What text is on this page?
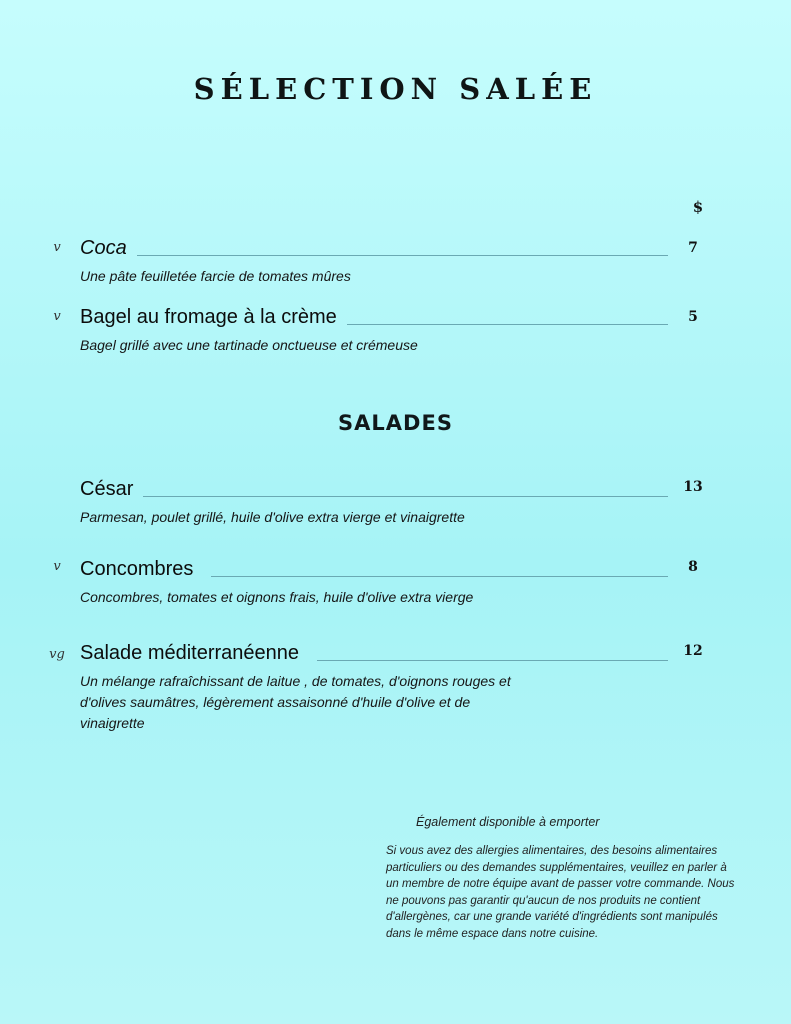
SÉLECTION SALÉE
$
v Coca	7
Une pâte feuilletée farcie de tomates mûres
v Bagel au fromage à la crème	5
Bagel grillé avec une tartinade onctueuse et crémeuse
SALADES
César	13
Parmesan, poulet grillé, huile d'olive extra vierge et vinaigrette
v Concombres	8
Concombres, tomates et oignons frais, huile d'olive extra vierge
vg Salade méditerranéenne	12
Un mélange rafraîchissant de laitue , de tomates, d'oignons rouges et d'olives saumâtres, légèrement assaisonné d'huile d'olive et de vinaigrette
Également disponible à emporter
Si vous avez des allergies alimentaires, des besoins alimentaires particuliers ou des demandes supplémentaires, veuillez en parler à un membre de notre équipe avant de passer votre commande. Nous ne pouvons pas garantir qu'aucun de nos produits ne contient d'allergènes, car une grande variété d'ingrédients sont manipulés dans le même espace dans notre cuisine.
